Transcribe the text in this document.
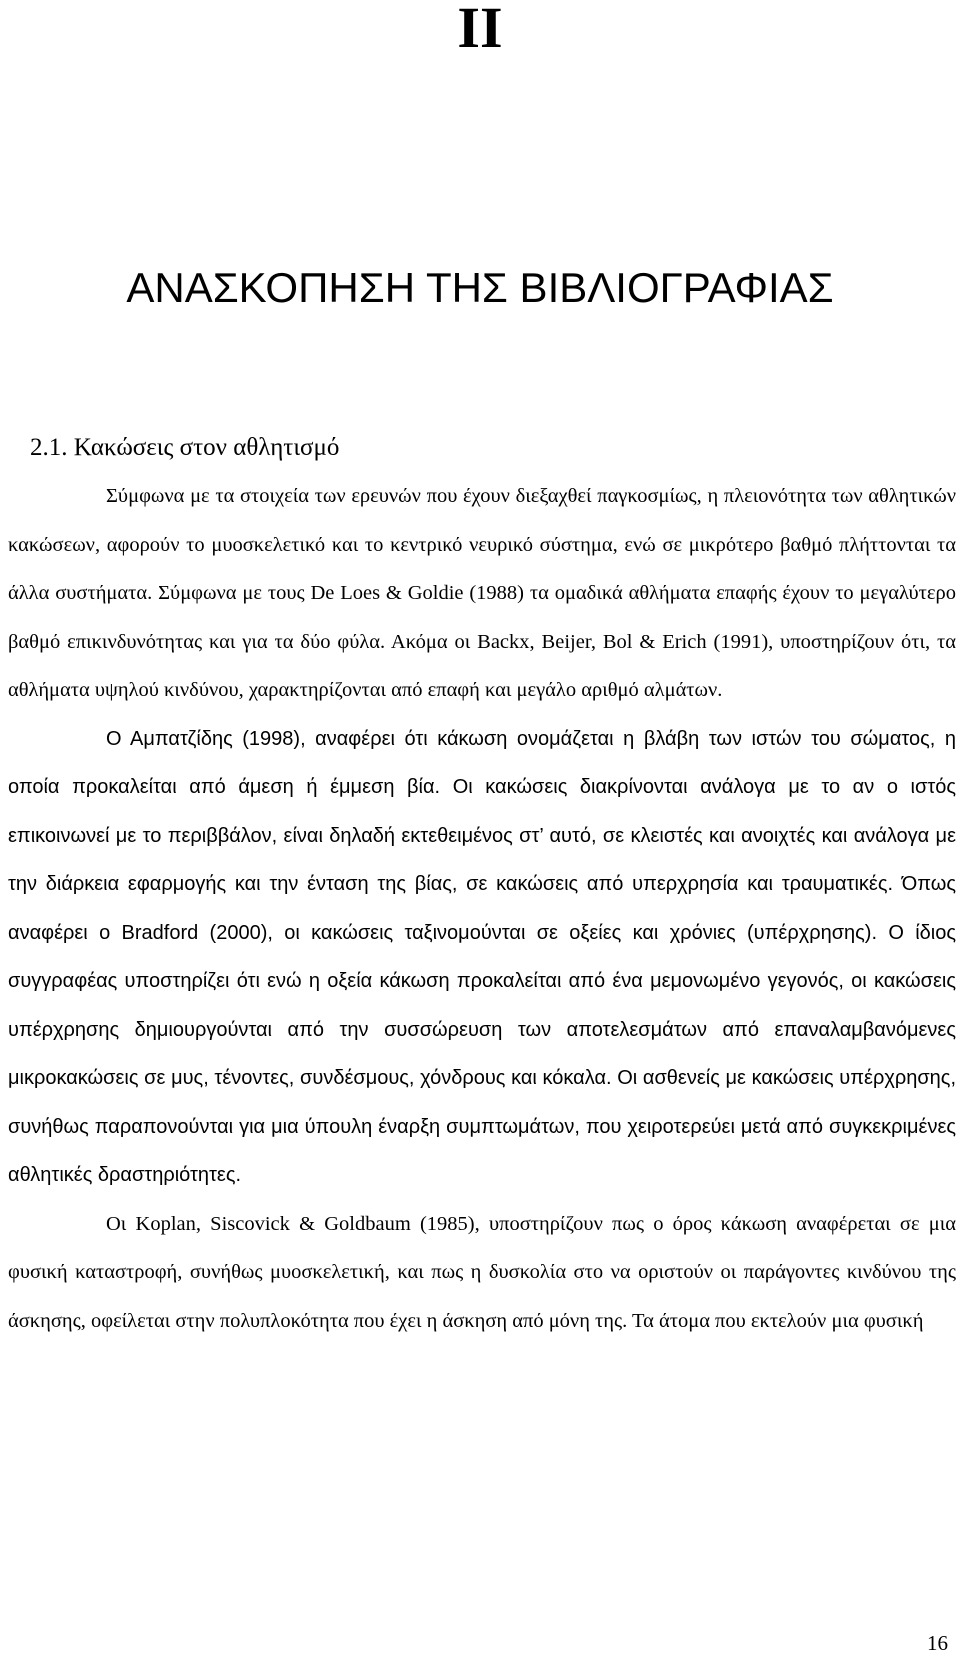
II
ΑΝΑΣΚΟΠΗΣΗ ΤΗΣ ΒΙΒΛΙΟΓΡΑΦΙΑΣ
2.1. Κακώσεις στον αθλητισμό

Σύμφωνα με τα στοιχεία των ερευνών που έχουν διεξαχθεί παγκοσμίως, η πλειονότητα των αθλητικών κακώσεων, αφορούν το μυοσκελετικό και το κεντρικό νευρικό σύστημα, ενώ σε μικρότερο βαθμό πλήττονται τα άλλα συστήματα. Σύμφωνα με τους De Loes & Goldie (1988) τα ομαδικά αθλήματα επαφής έχουν το μεγαλύτερο βαθμό επικινδυνότητας και για τα δύο φύλα. Ακόμα οι Backx, Beijer, Bol & Erich (1991), υποστηρίζουν ότι, τα αθλήματα υψηλού κινδύνου, χαρακτηρίζονται από επαφή και μεγάλο αριθμό αλμάτων.

Ο Αμπατζίδης (1998), αναφέρει ότι κάκωση ονομάζεται η βλάβη των ιστών του σώματος, η οποία προκαλείται από άμεση ή έμμεση βία. Οι κακώσεις διακρίνονται ανάλογα με το αν ο ιστός επικοινωνεί με το περιββάλον, είναι δηλαδή εκτεθειμένος στ’ αυτό, σε κλειστές και ανοιχτές και ανάλογα με την διάρκεια εφαρμογής και την ένταση της βίας, σε κακώσεις από υπερχρησία και τραυματικές. Όπως αναφέρει ο Bradford (2000), οι κακώσεις ταξινομούνται σε οξείες και χρόνιες (υπέρχρησης). Ο ίδιος συγγραφέας υποστηρίζει ότι ενώ η οξεία κάκωση προκαλείται από ένα μεμονωμένο γεγονός, οι κακώσεις υπέρχρησης δημιουργούνται από την συσσώρευση των αποτελεσμάτων από επαναλαμβανόμενες μικροκακώσεις σε μυς, τένοντες, συνδέσμους, χόνδρους και κόκαλα. Οι ασθενείς με κακώσεις υπέρχρησης, συνήθως παραπονούνται για μια ύπουλη έναρξη συμπτωμάτων, που χειροτερεύει μετά από συγκεκριμένες αθλητικές δραστηριότητες.

Οι Koplan, Siscovick & Goldbaum (1985), υποστηρίζουν πως ο όρος κάκωση αναφέρεται σε μια φυσική καταστροφή, συνήθως μυοσκελετική, και πως η δυσκολία στο να οριστούν οι παράγοντες κινδύνου της άσκησης, οφείλεται στην πολυπλοκότητα που έχει η άσκηση από μόνη της. Τα άτομα που εκτελούν μια φυσική

16
